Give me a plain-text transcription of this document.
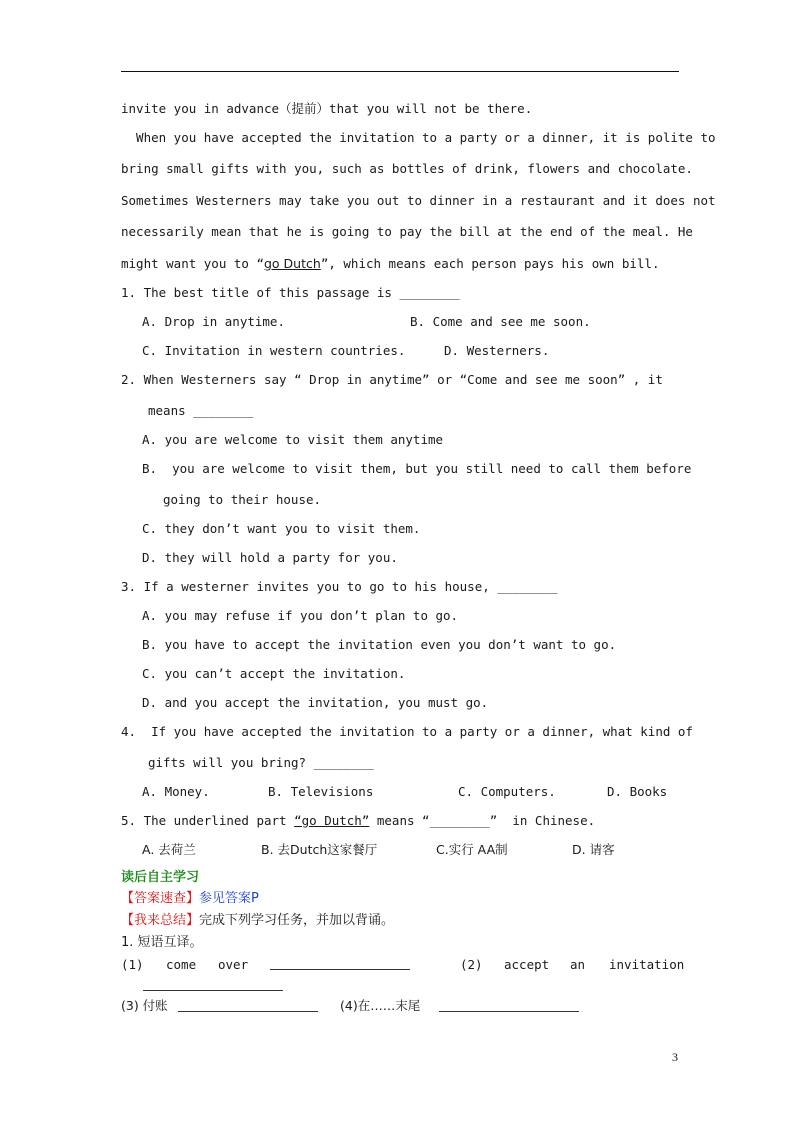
invite you in advance（提前）that you will not be there.
When you have accepted the invitation to a party or a dinner, it is polite to
bring small gifts with you, such as bottles of drink, flowers and chocolate.
Sometimes Westerners may take you out to dinner in a restaurant and it does not
necessarily mean that he is going to pay the bill at the end of the meal. He
might want you to “go Dutch”, which means each person pays his own bill.
1. The best title of this passage is ________
A. Drop in anytime.	B. Come and see me soon.
C. Invitation in western countries.	D. Westerners.
2. When Westerners say “ Drop in anytime” or “Come and see me soon” , it
means ________
A. you are welcome to visit them anytime
B.  you are welcome to visit them, but you still need to call them before
going to their house.
C. they don’t want you to visit them.
D. they will hold a party for you.
3. If a westerner invites you to go to his house, ________
A. you may refuse if you don’t plan to go.
B. you have to accept the invitation even you don’t want to go.
C. you can’t accept the invitation.
D. and you accept the invitation, you must go.
4.  If you have accepted the invitation to a party or a dinner, what kind of
gifts will you bring? ________
A. Money.	B. Televisions	C. Computers.	D. Books
5. The underlined part “go Dutch” means “________”  in Chinese.
A. 去荷兰	B. 去Dutch这家餐厅	C.实行 AA制	D. 请客
读后自主学习
【答案速查】参见答案P
【我来总结】完成下列学习任务，并加以背诵。
1. 短语互译。
(1) come over	(2) accept an invitation
(3) 付账	(4)在……末尾
3
